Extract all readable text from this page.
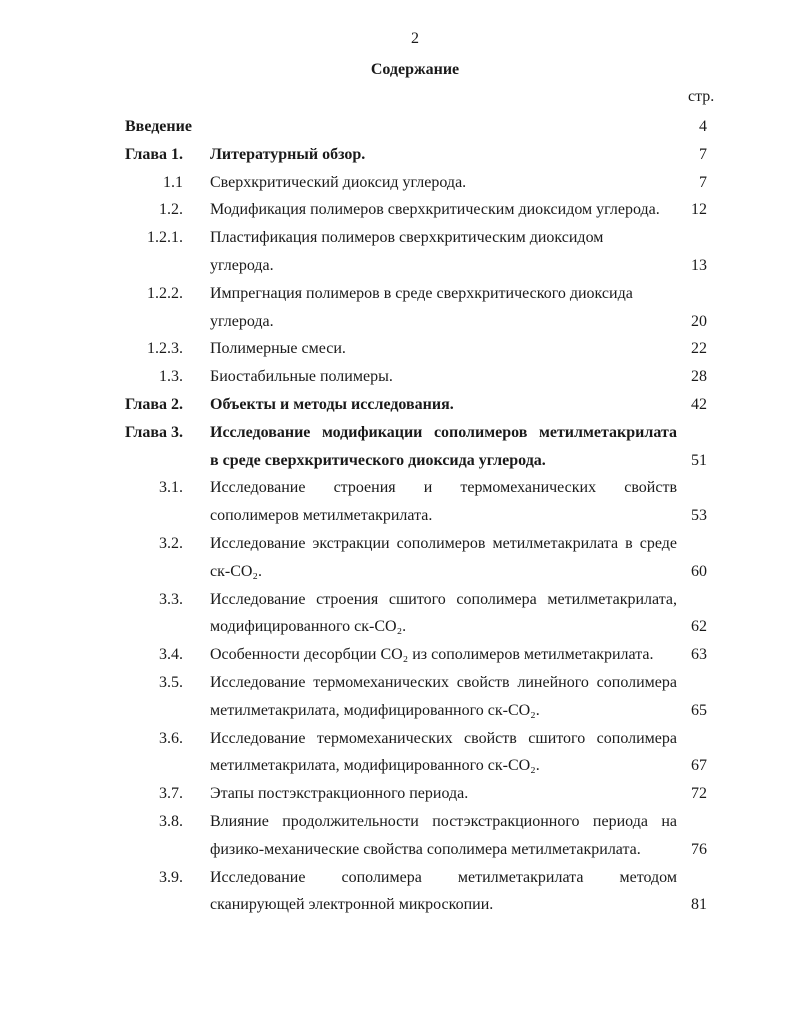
2
Содержание
стр.
Введение	4
Глава 1. Литературный обзор.	7
1.1 Сверхкритический диоксид углерода.	7
1.2. Модификация полимеров сверхкритическим диоксидом углерода.	12
1.2.1. Пластификация полимеров сверхкритическим диоксидом
углерода.	13
1.2.2. Импрегнация полимеров в среде сверхкритического диоксида
углерода.	20
1.2.3. Полимерные смеси.	22
1.3. Биостабильные полимеры.	28
Глава 2. Объекты и методы исследования.	42
Глава 3. Исследование модификации сополимеров метилметакрилата
в среде сверхкритического диоксида углерода.	51
3.1. Исследование строения и термомеханических свойств
сополимеров метилметакрилата.	53
3.2. Исследование экстракции сополимеров метилметакрилата в среде
ск-CO₂.	60
3.3. Исследование строения сшитого сополимера метилметакрилата,
модифицированного ск-CO₂.	62
3.4. Особенности десорбции CO₂ из сополимеров метилметакрилата.	63
3.5. Исследование термомеханических свойств линейного сополимера
метилметакрилата, модифицированного ск-CO₂.	65
3.6. Исследование термомеханических свойств сшитого сополимера
метилметакрилата, модифицированного ск-CO₂.	67
3.7. Этапы постэкстракционного периода.	72
3.8. Влияние продолжительности постэкстракционного периода на
физико-механические свойства сополимера метилметакрилата.	76
3.9. Исследование сополимера метилметакрилата методом
сканирующей электронной микроскопии.	81
